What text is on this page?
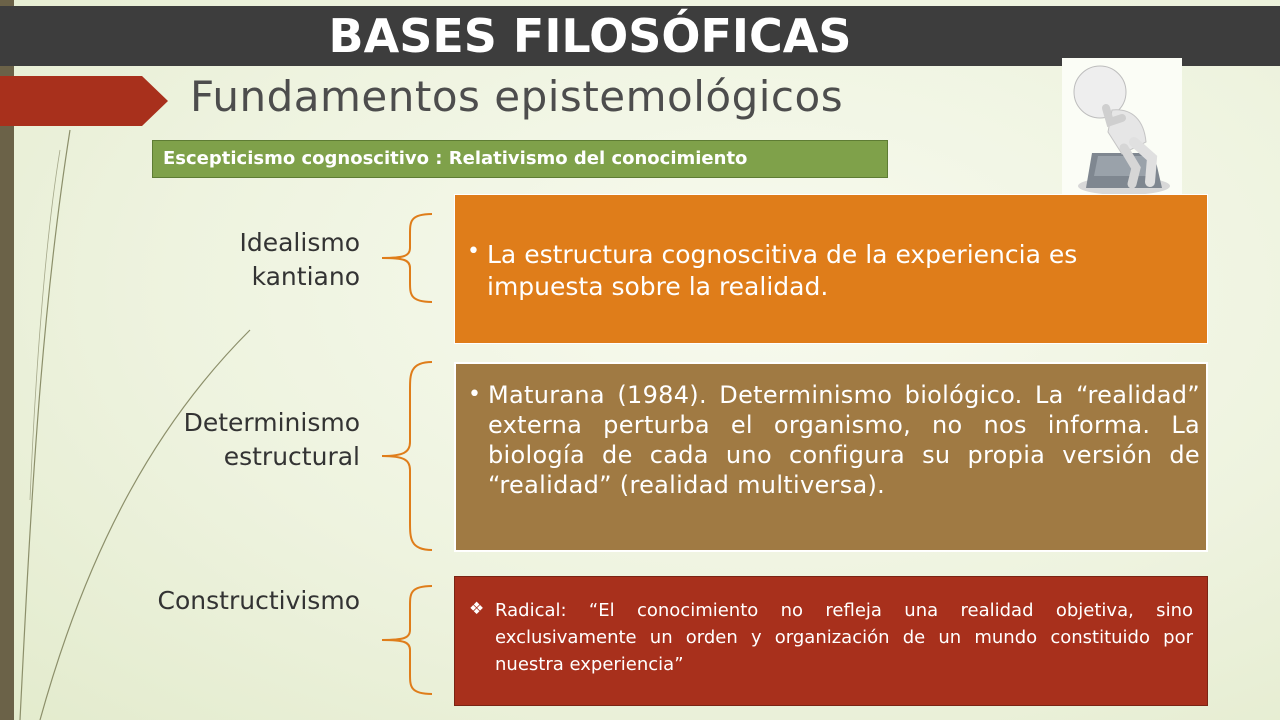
BASES FILOSÓFICAS
Fundamentos epistemológicos
Escepticismo cognoscitivo : Relativismo del conocimiento
Idealismo
kantiano
• La estructura cognoscitiva de la experiencia es impuesta sobre la realidad.
Determinismo
estructural
• Maturana (1984). Determinismo biológico. La “realidad” externa perturba el organismo, no nos informa. La biología de cada uno configura su propia versión de “realidad” (realidad multiversa).
Constructivismo	❖ Radical: “El conocimiento no refleja una realidad objetiva, sino exclusivamente un orden y organización de un mundo constituido por nuestra experiencia”
